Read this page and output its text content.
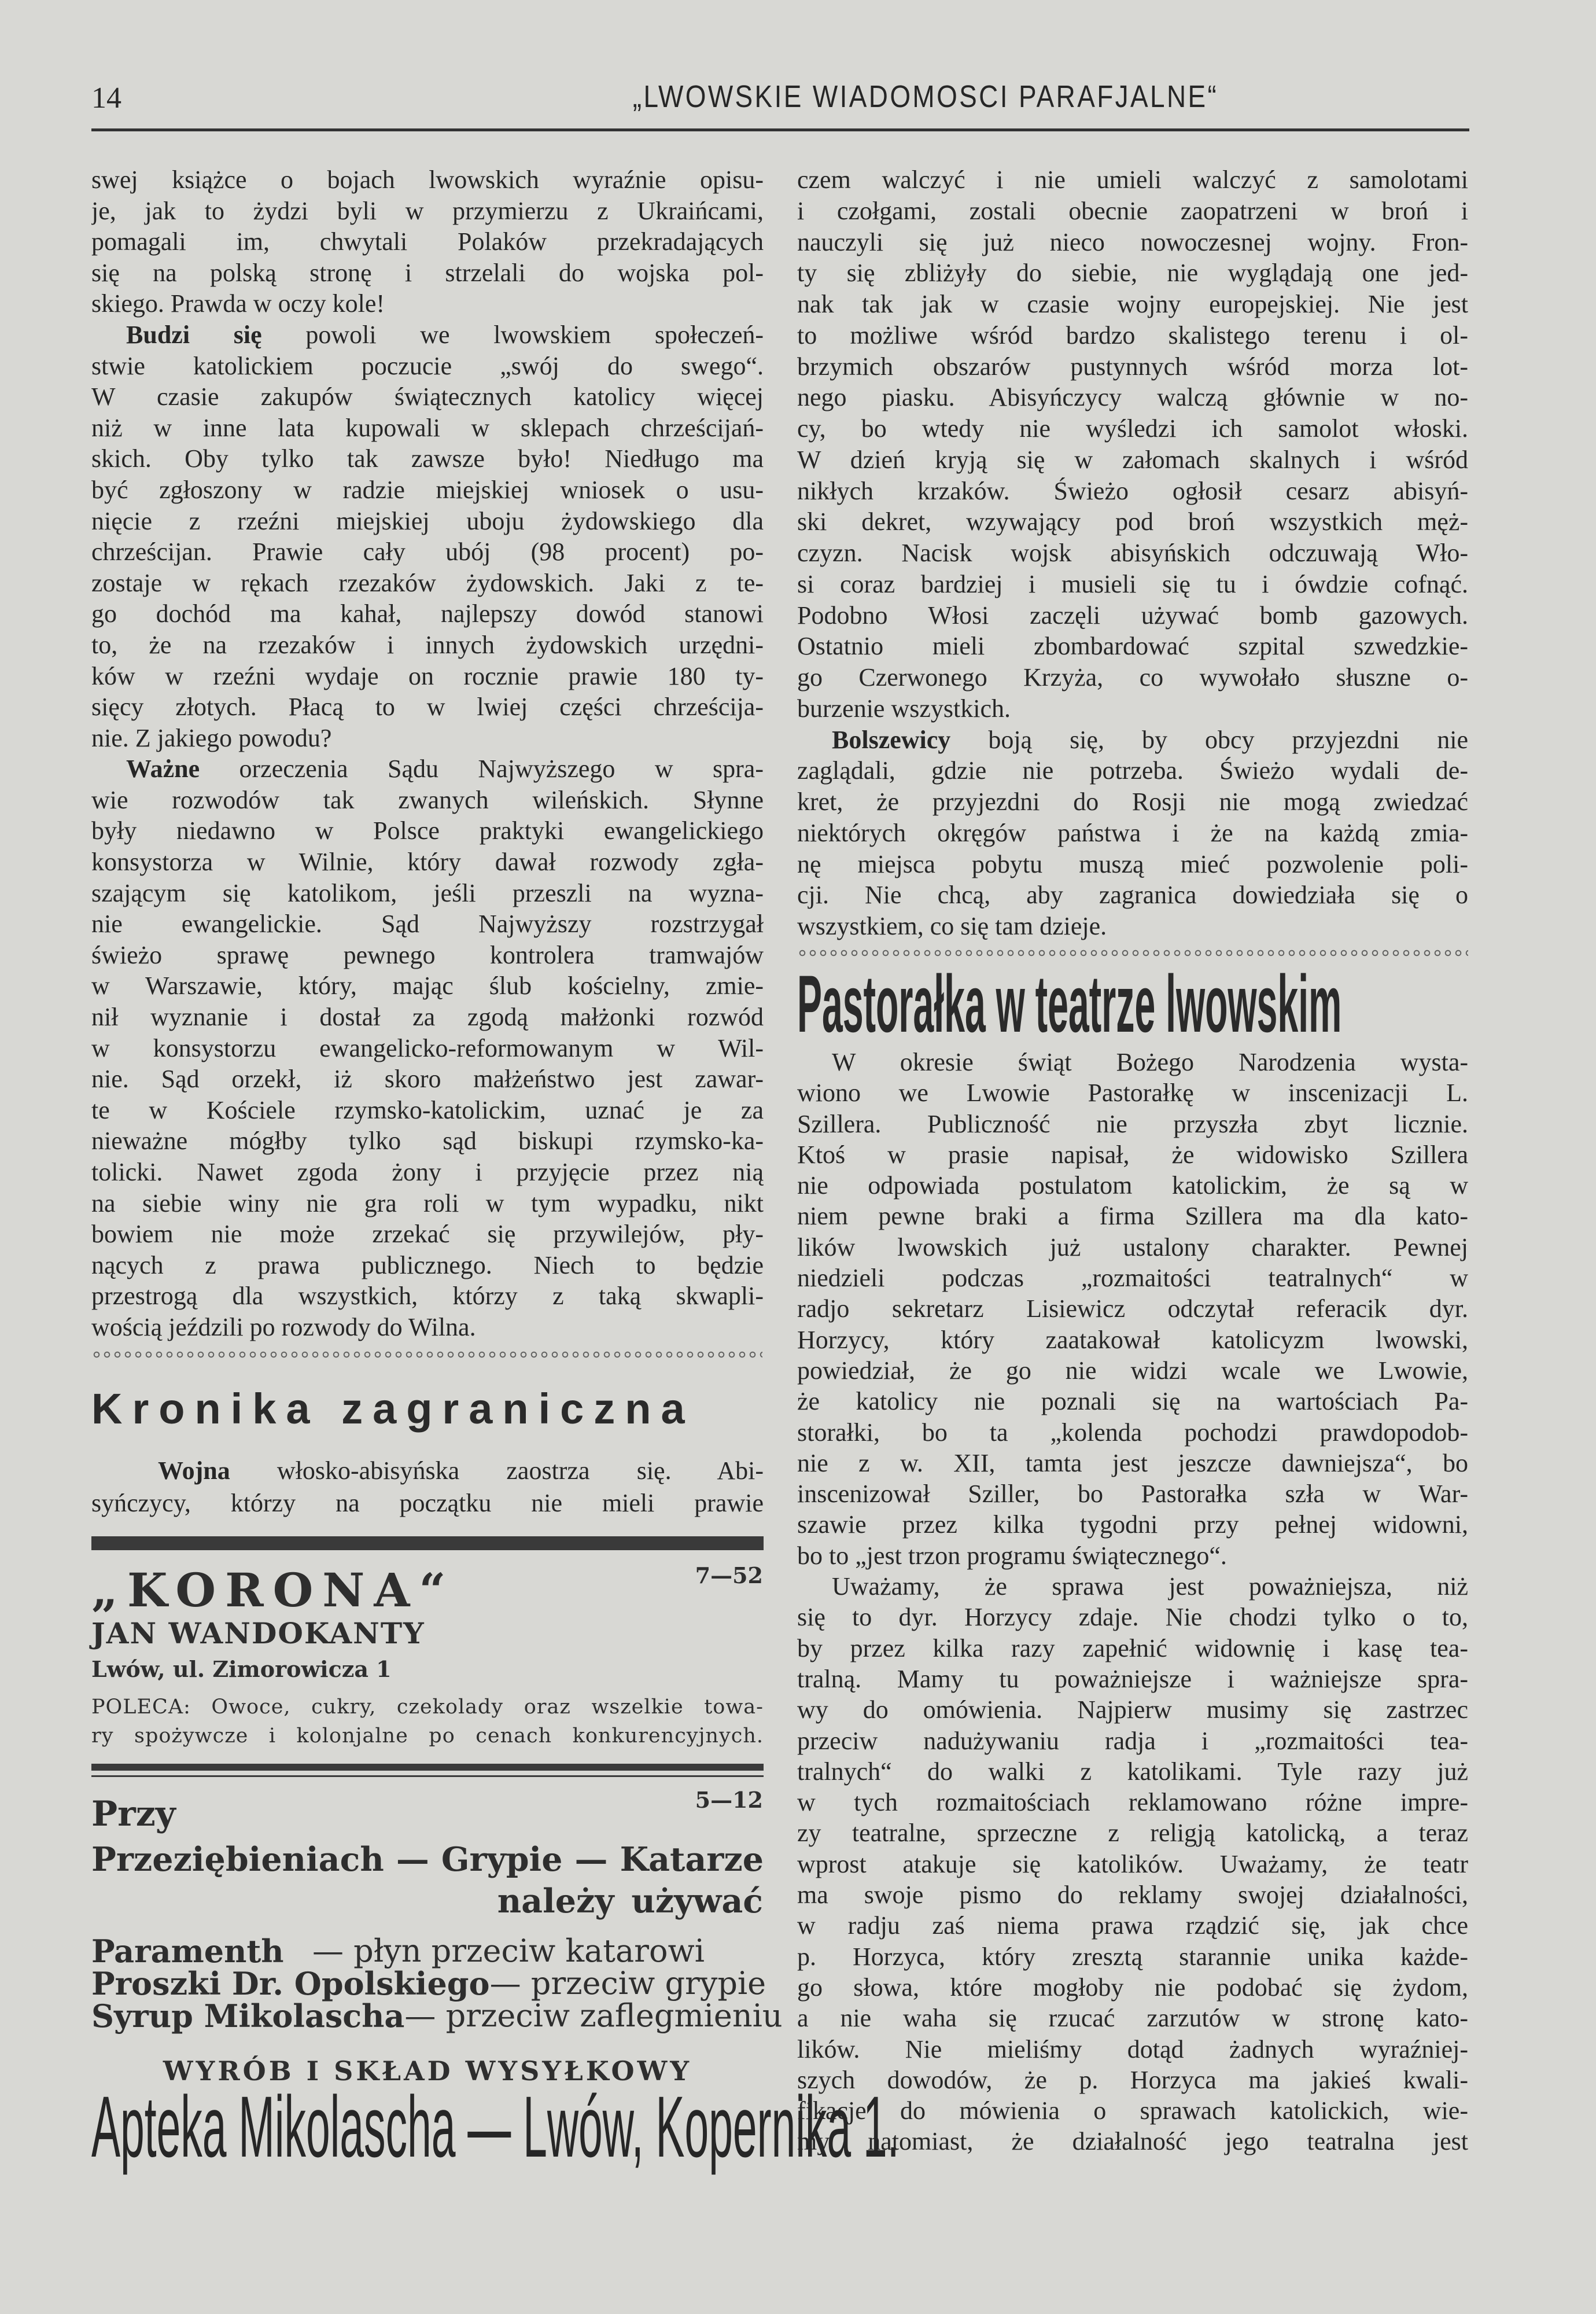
14	„LWOWSKIE WIADOMOSCI PARAFJALNE“
swej książce o bojach lwowskich wyraźnie opisu-
je, jak to żydzi byli w przymierzu z Ukraińcami,
pomagali im, chwytali Polaków przekradających
się na polską stronę i strzelali do wojska pol-
skiego. Prawda w oczy kole!
Budzi się powoli we lwowskiem społeczeń-
stwie katolickiem poczucie „swój do swego“.
W czasie zakupów świątecznych katolicy więcej
niż w inne lata kupowali w sklepach chrześcijań-
skich. Oby tylko tak zawsze było! Niedługo ma
być zgłoszony w radzie miejskiej wniosek o usu-
nięcie z rzeźni miejskiej uboju żydowskiego dla
chrześcijan. Prawie cały ubój (98 procent) po-
zostaje w rękach rzezaków żydowskich. Jaki z te-
go dochód ma kahał, najlepszy dowód stanowi
to, że na rzezaków i innych żydowskich urzędni-
ków w rzeźni wydaje on rocznie prawie 180 ty-
sięcy złotych. Płacą to w lwiej części chrześcija-
nie. Z jakiego powodu?
Ważne orzeczenia Sądu Najwyższego w spra-
wie rozwodów tak zwanych wileńskich. Słynne
były niedawno w Polsce praktyki ewangelickiego
konsystorza w Wilnie, który dawał rozwody zgła-
szającym się katolikom, jeśli przeszli na wyzna-
nie ewangelickie. Sąd Najwyższy rozstrzygał
świeżo sprawę pewnego kontrolera tramwajów
w Warszawie, który, mając ślub kościelny, zmie-
nił wyznanie i dostał za zgodą małżonki rozwód
w konsystorzu ewangelicko-reformowanym w Wil-
nie. Sąd orzekł, iż skoro małżeństwo jest zawar-
te w Kościele rzymsko-katolickim, uznać je za
nieważne mógłby tylko sąd biskupi rzymsko-ka-
tolicki. Nawet zgoda żony i przyjęcie przez nią
na siebie winy nie gra roli w tym wypadku, nikt
bowiem nie może zrzekać się przywilejów, pły-
nących z prawa publicznego. Niech to będzie
przestrogą dla wszystkich, którzy z taką skwapli-
wością jeździli po rozwody do Wilna.
Kronika zagraniczna
Wojna włosko-abisyńska zaostrza się. Abi-
syńczycy, którzy na początku nie mieli prawie
„KORONA“	7—52
JAN WANDOKANTY
Lwów, ul. Zimorowicza 1
POLECA: Owoce, cukry, czekolady oraz wszelkie towa-
ry spożywcze i kolonjalne po cenach konkurencyjnych.
Przy	5—12
Przeziębieniach — Grypie — Katarze
należy używać
Paramenth — płyn przeciw katarowi
Proszki Dr. Opolskiego — przeciw grypie
Syrup Mikolascha — przeciw zaflegmieniu
WYRÓB I SKŁAD WYSYŁKOWY
Apteka Mikolascha — Lwów, Kopernika 1.
czem walczyć i nie umieli walczyć z samolotami
i czołgami, zostali obecnie zaopatrzeni w broń i
nauczyli się już nieco nowoczesnej wojny. Fron-
ty się zbliżyły do siebie, nie wyglądają one jed-
nak tak jak w czasie wojny europejskiej. Nie jest
to możliwe wśród bardzo skalistego terenu i ol-
brzymich obszarów pustynnych wśród morza lot-
nego piasku. Abisyńczycy walczą głównie w no-
cy, bo wtedy nie wyśledzi ich samolot włoski.
W dzień kryją się w załomach skalnych i wśród
nikłych krzaków. Świeżo ogłosił cesarz abisyń-
ski dekret, wzywający pod broń wszystkich męż-
czyzn. Nacisk wojsk abisyńskich odczuwają Wło-
si coraz bardziej i musieli się tu i ówdzie cofnąć.
Podobno Włosi zaczęli używać bomb gazowych.
Ostatnio mieli zbombardować szpital szwedzkie-
go Czerwonego Krzyża, co wywołało słuszne o-
burzenie wszystkich.
Bolszewicy boją się, by obcy przyjezdni nie
zaglądali, gdzie nie potrzeba. Świeżo wydali de-
kret, że przyjezdni do Rosji nie mogą zwiedzać
niektórych okręgów państwa i że na każdą zmia-
nę miejsca pobytu muszą mieć pozwolenie poli-
cji. Nie chcą, aby zagranica dowiedziała się o
wszystkiem, co się tam dzieje.
Pastorałka w teatrze lwowskim
W okresie świąt Bożego Narodzenia wysta-
wiono we Lwowie Pastorałkę w inscenizacji L.
Szillera. Publiczność nie przyszła zbyt licznie.
Ktoś w prasie napisał, że widowisko Szillera
nie odpowiada postulatom katolickim, że są w
niem pewne braki a firma Szillera ma dla kato-
lików lwowskich już ustalony charakter. Pewnej
niedzieli podczas „rozmaitości teatralnych“ w
radjo sekretarz Lisiewicz odczytał referacik dyr.
Horzycy, który zaatakował katolicyzm lwowski,
powiedział, że go nie widzi wcale we Lwowie,
że katolicy nie poznali się na wartościach Pa-
storałki, bo ta „kolenda pochodzi prawdopodob-
nie z w. XII, tamta jest jeszcze dawniejsza“, bo
inscenizował Sziller, bo Pastorałka szła w War-
szawie przez kilka tygodni przy pełnej widowni,
bo to „jest trzon programu świątecznego“.
Uważamy, że sprawa jest poważniejsza, niż
się to dyr. Horzycy zdaje. Nie chodzi tylko o to,
by przez kilka razy zapełnić widownię i kasę tea-
tralną. Mamy tu poważniejsze i ważniejsze spra-
wy do omówienia. Najpierw musimy się zastrzec
przeciw nadużywaniu radja i „rozmaitości tea-
tralnych“ do walki z katolikami. Tyle razy już
w tych rozmaitościach reklamowano różne impre-
zy teatralne, sprzeczne z religją katolicką, a teraz
wprost atakuje się katolików. Uważamy, że teatr
ma swoje pismo do reklamy swojej działalności,
w radju zaś niema prawa rządzić się, jak chce
p. Horzyca, który zresztą starannie unika każde-
go słowa, które mogłoby nie podobać się żydom,
a nie waha się rzucać zarzutów w stronę kato-
lików. Nie mieliśmy dotąd żadnych wyraźniej-
szych dowodów, że p. Horzyca ma jakieś kwali-
fikacje do mówienia o sprawach katolickich, wie-
my natomiast, że działalność jego teatralna jest
